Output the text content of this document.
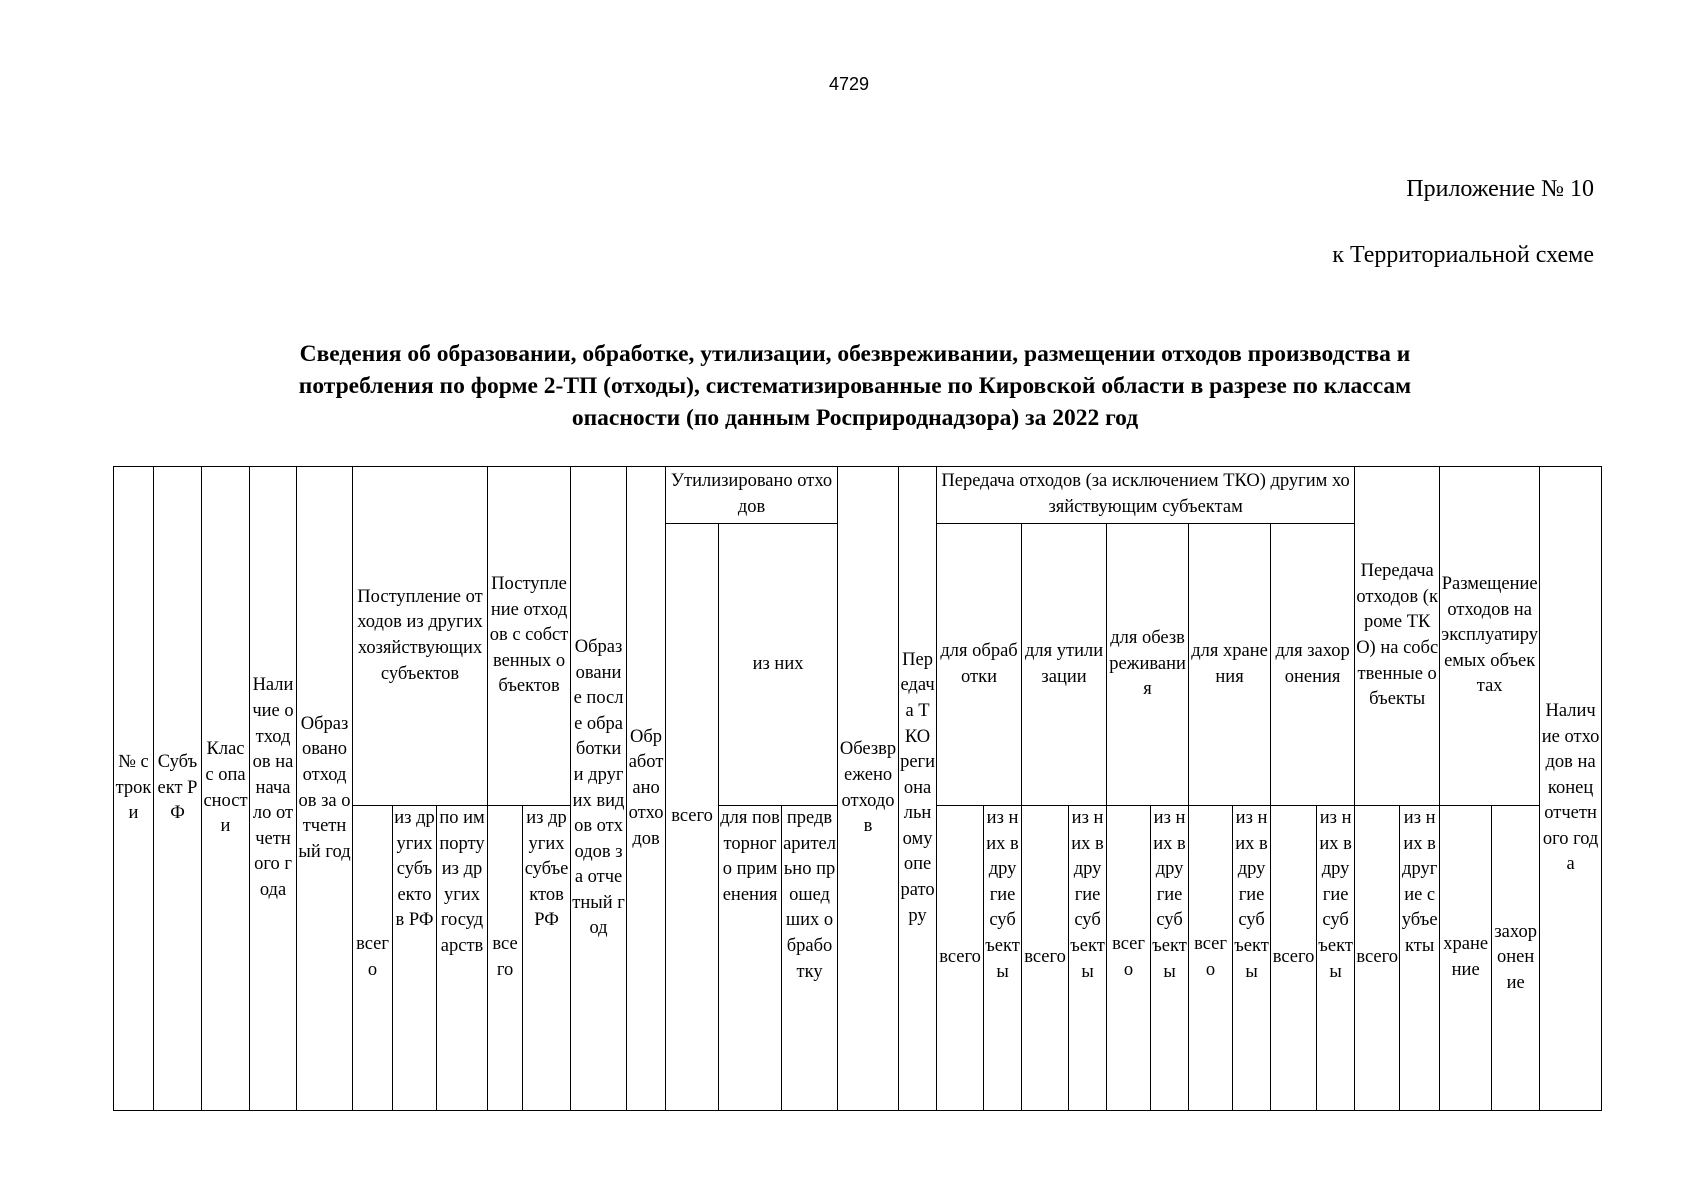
4729
Приложение № 10
к Территориальной схеме
Сведения об образовании, обработке, утилизации, обезвреживании, размещении отходов производства и
потребления по форме 2-ТП (отходы), систематизированные по Кировской области в разрезе по классам
опасности (по данным Росприроднадзора) за 2022 год
№ строки	Субъект РФ	Класс опасности	Наличие отходов на начало отчетного года	Образовано отходов за отчетный год	Поступление отходов из других хозяйствующих субъектов			Поступление отходов с собственных объектов		Образование после обработки и других видов отходов за отчетный год	Обработано отходов	Утилизировано отходов			Обезврежено отходов	Передача ТКО региональному оператору	Передача отходов (за исключением ТКО) другим хозяйствующим субъектам										Передача отходов (кроме ТКО) на собственные объекты		Размещение отходов на эксплуатируемых объектах		Наличие отходов на конец отчетного года
												всего	из них				для обработки		для утилизации		для обезвреживания		для хранения		для захоронения						
					всего	из других субъектов РФ	по импорту из других государств	всего	из других субъектов РФ				для повторного применения	предварительно прошедших обработку			всего	из них в другие субъекты	всего	из них в другие субъекты	всего	из них в другие субъекты	всего	из них в другие субъекты	всего	из них в другие субъекты	всего	из них в другие субъекты	хранение	захоронение	
